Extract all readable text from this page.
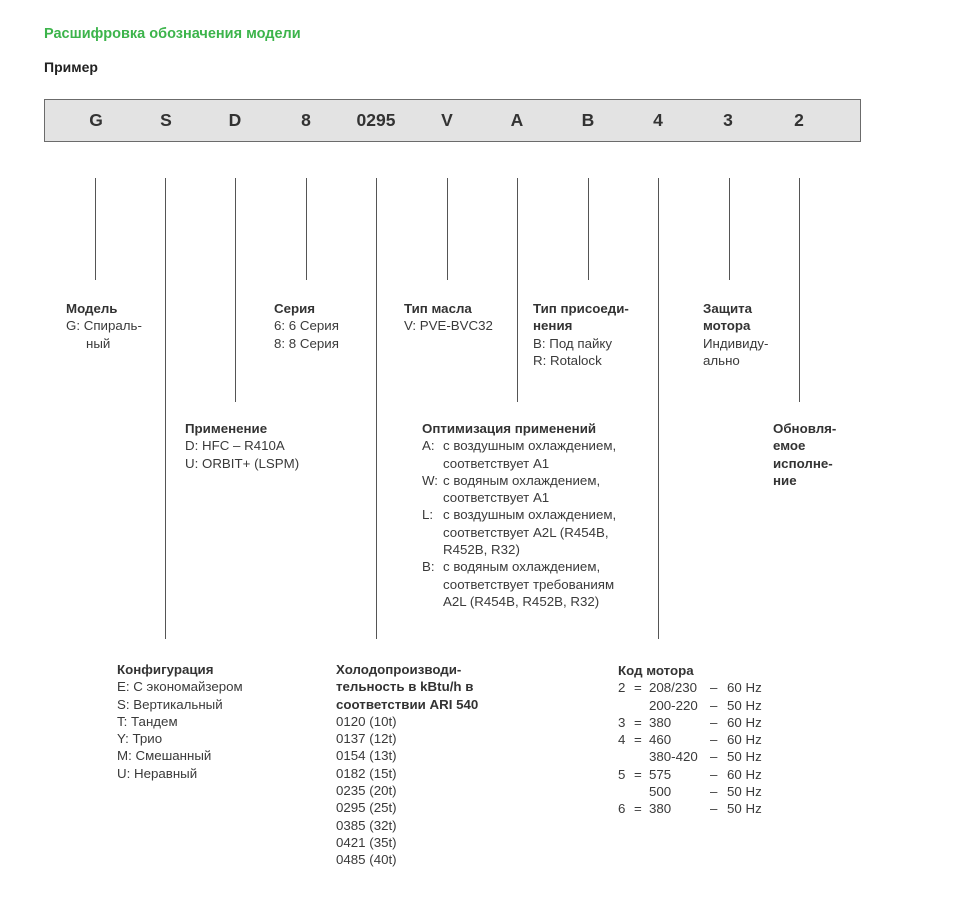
Расшифровка обозначения модели
Пример
G	S	D	8	0295	V	A	B	4	3	2
Модель
G: Спираль-
ный
Серия
6: 6 Серия
8: 8 Серия
Тип масла
V: PVE-BVC32
Тип присоеди-
нения
B: Под пайку
R: Rotalock
Защита
мотора
Индивиду-
ально
Применение
D: HFC – R410A
U: ORBIT+ (LSPM)
Оптимизация применений
A: с воздушным охлаждением,
соответствует A1
W: с водяным охлаждением,
соответствует A1
L: с воздушным охлаждением,
соответствует A2L (R454B,
R452B, R32)
B: с водяным охлаждением,
соответствует требованиям
A2L (R454B, R452B, R32)
Обновля-
емое
исполне-
ние
Конфигурация
E: С экономайзером
S: Вертикальный
T: Тандем
Y: Трио
M: Смешанный
U: Неравный
Холодопроизводи-
тельность в kBtu/h в
соответствии ARI 540
0120 (10t)
0137 (12t)
0154 (13t)
0182 (15t)
0235 (20t)
0295 (25t)
0385 (32t)
0421 (35t)
0485 (40t)
Код мотора
2 = 208/230 – 60 Hz
200-220 – 50 Hz
3 = 380	– 60 Hz
4 = 460	– 60 Hz
380-420 – 50 Hz
5 = 575	– 60 Hz
500	– 50 Hz
6 = 380	– 50 Hz
